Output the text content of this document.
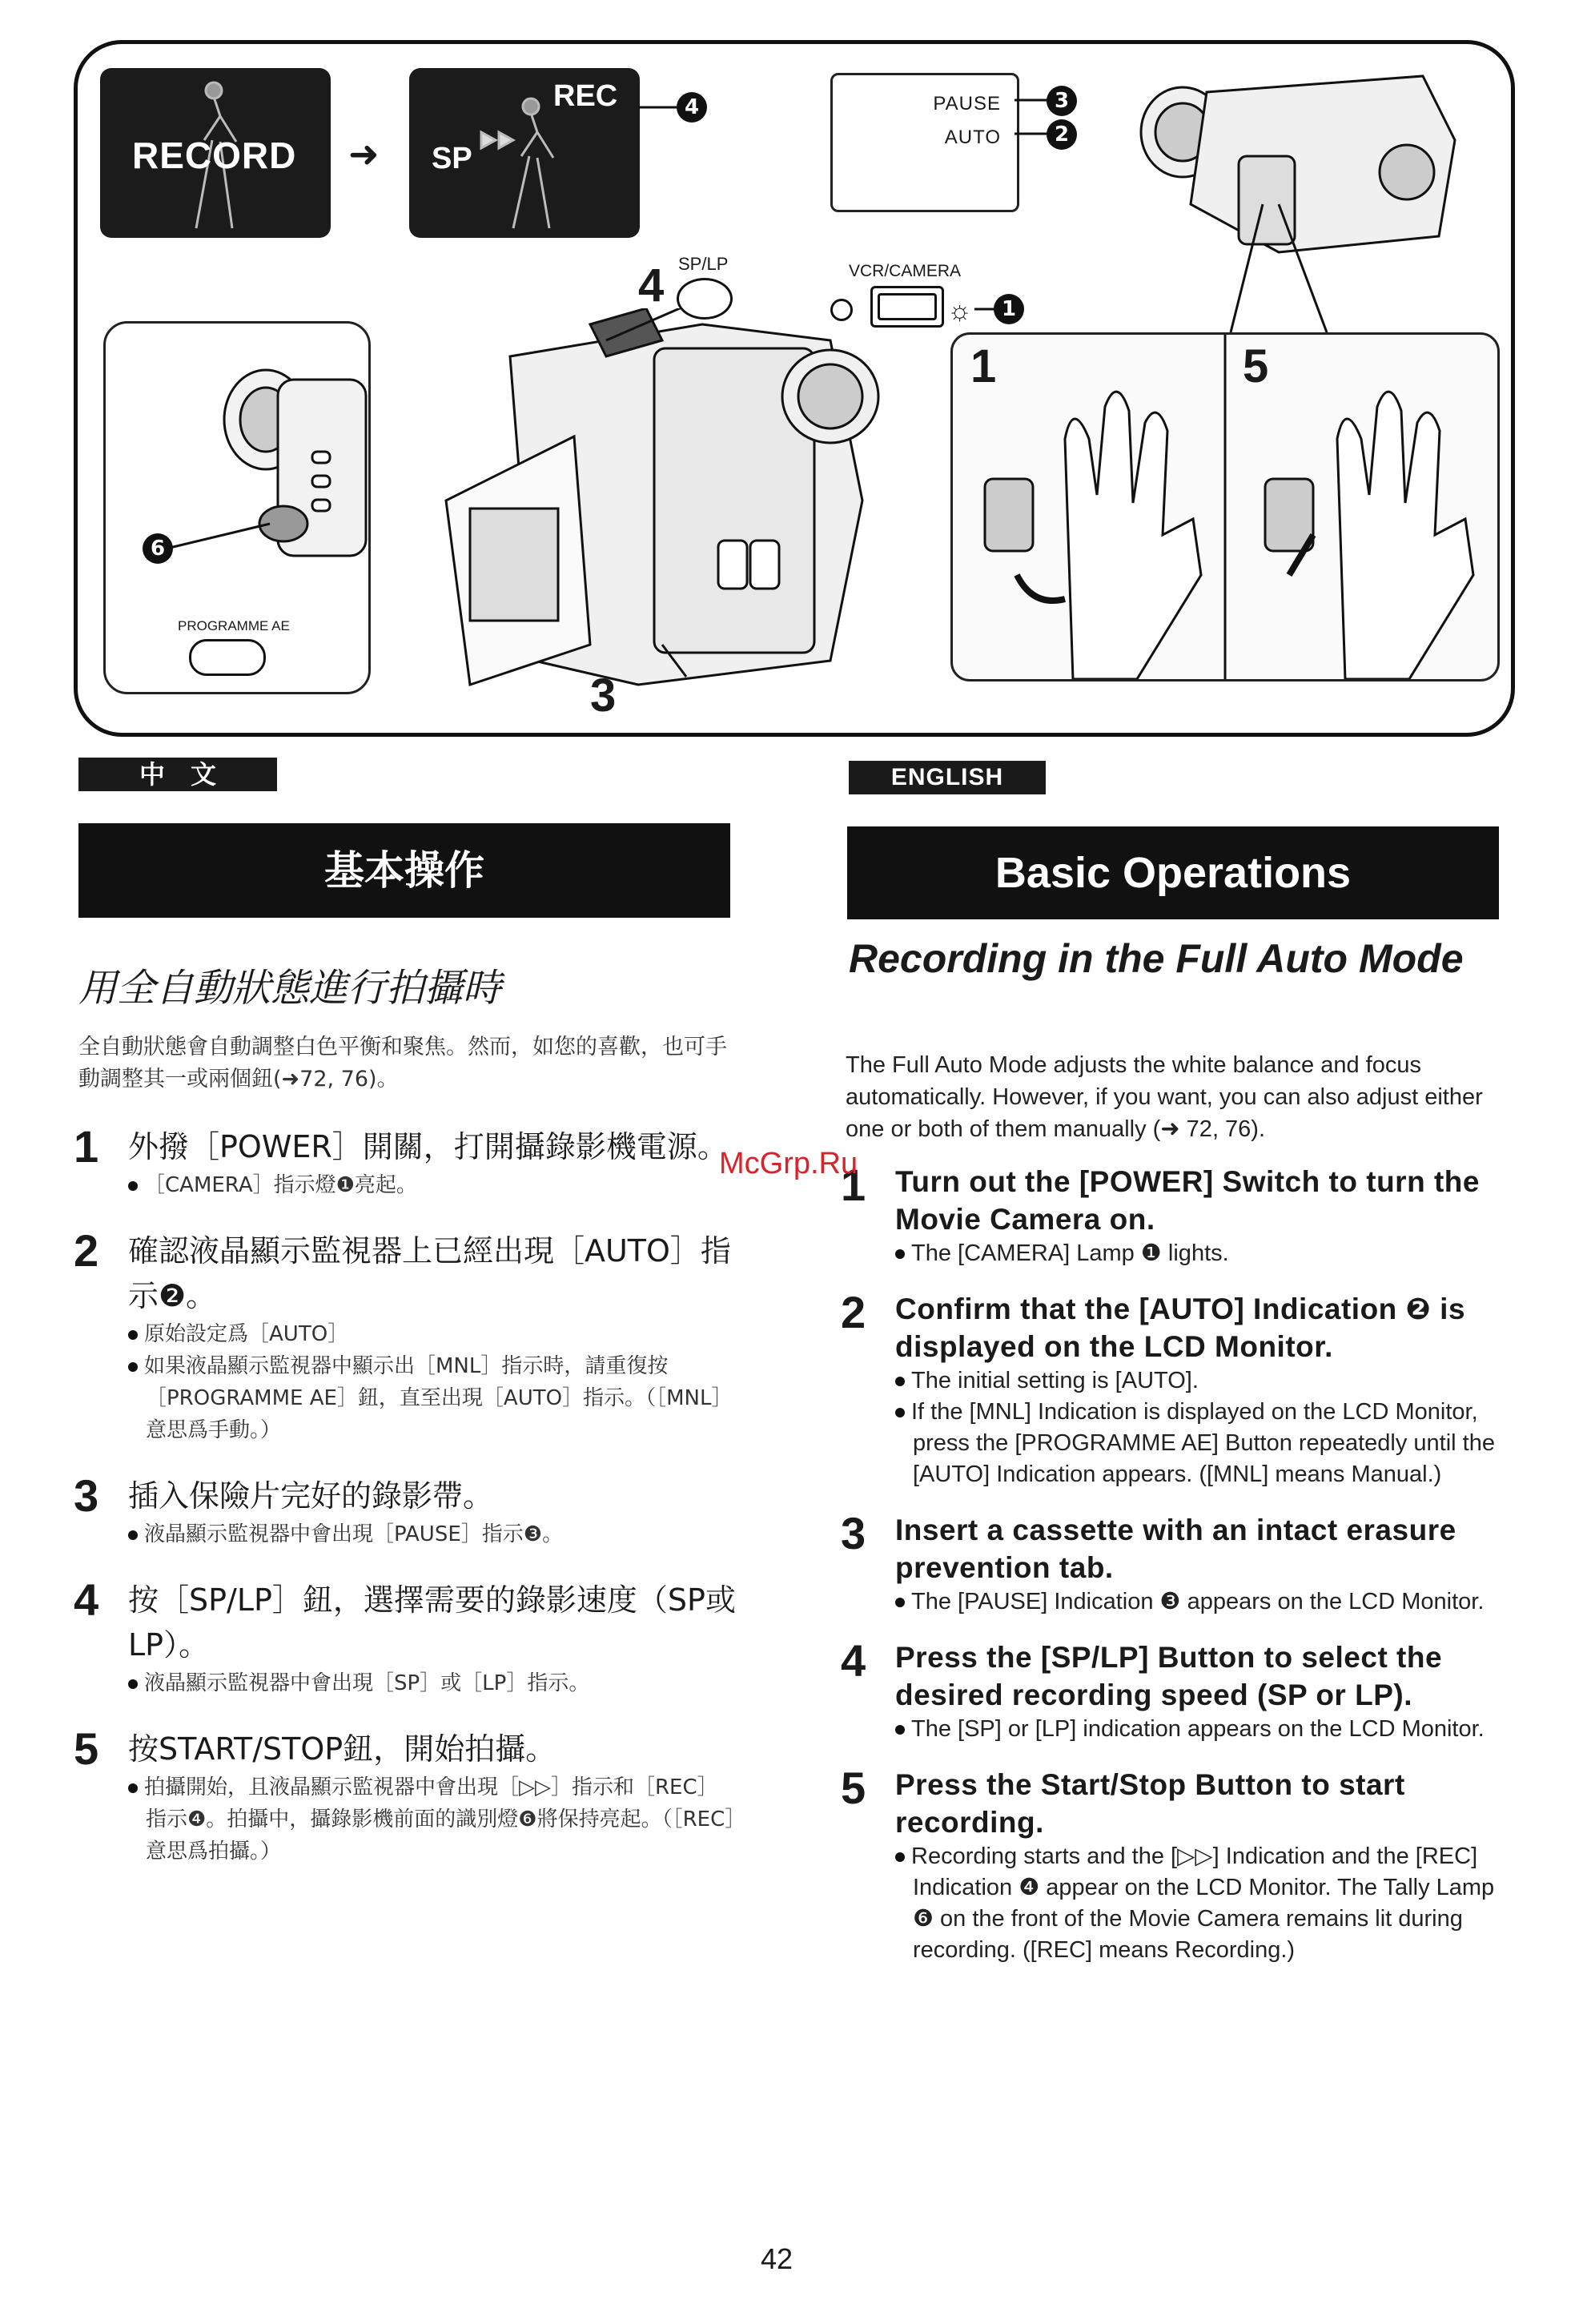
RECORD ➜
REC
SP
4	PAUSE
AUTO
3
2
VCR/CAMERA
☼	1
4 SP/LP
6
PROGRAMME AE
3
1	5
中　文
基本操作
用全自動狀態進行拍攝時
全自動狀態會自動調整白色平衡和聚焦。然而，如您的喜歡，也可手動調整其一或兩個鈕(➜72, 76)。
1 外撥［POWER］開關，打開攝錄影機電源。
［CAMERA］指示燈❶亮起。
2 確認液晶顯示監視器上已經出現［AUTO］指示❷。
原始設定爲［AUTO］
如果液晶顯示監視器中顯示出［MNL］指示時，請重復按［PROGRAMME AE］鈕，直至出現［AUTO］指示。（［MNL］意思爲手動。）
3 插入保險片完好的錄影帶。
液晶顯示監視器中會出現［PAUSE］指示❸。
4 按［SP/LP］鈕，選擇需要的錄影速度（SP或LP）。
液晶顯示監視器中會出現［SP］或［LP］指示。
5 按START/STOP鈕，開始拍攝。
拍攝開始，且液晶顯示監視器中會出現［▷▷］指示和［REC］指示❹。拍攝中，攝錄影機前面的識別燈❻將保持亮起。（［REC］意思爲拍攝。）
ENGLISH
Basic Operations
Recording in the Full Auto Mode
The Full Auto Mode adjusts the white balance and focus automatically. However, if you want, you can also adjust either one or both of them manually (➜ 72, 76).
1 Turn out the [POWER] Switch to turn the Movie Camera on.
The [CAMERA] Lamp ❶ lights.
2 Confirm that the [AUTO] Indication ❷ is displayed on the LCD Monitor.
The initial setting is [AUTO].
If the [MNL] Indication is displayed on the LCD Monitor, press the [PROGRAMME AE] Button repeatedly until the [AUTO] Indication appears. ([MNL] means Manual.)
3 Insert a cassette with an intact erasure prevention tab.
The [PAUSE] Indication ❸ appears on the LCD Monitor.
4 Press the [SP/LP] Button to select the desired recording speed (SP or LP).
The [SP] or [LP] indication appears on the LCD Monitor.
5 Press the Start/Stop Button to start recording.
Recording starts and the [▷▷] Indication and the [REC] Indication ❹ appear on the LCD Monitor. The Tally Lamp ❻ on the front of the Movie Camera remains lit during recording. ([REC] means Recording.)
McGrp.Ru
42
